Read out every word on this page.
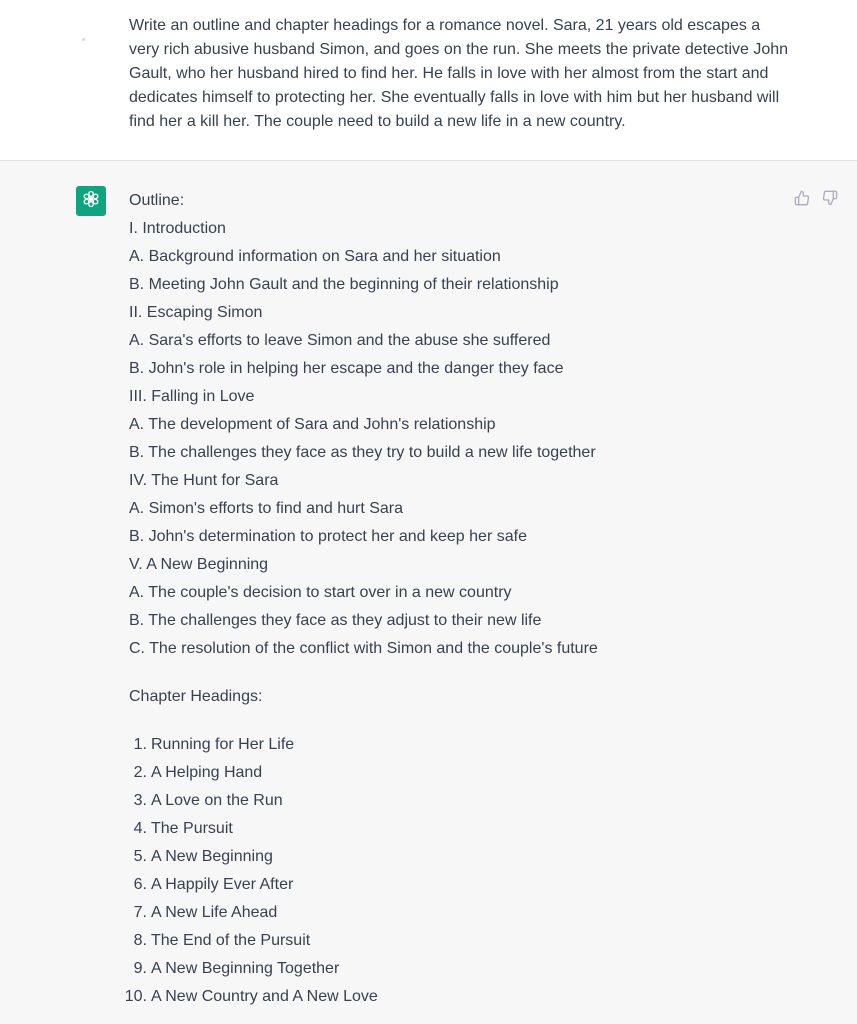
Write an outline and chapter headings for a romance novel. Sara, 21 years old escapes a very rich abusive husband Simon, and goes on the run. She meets the private detective John Gault, who her husband hired to find her. He falls in love with her almost from the start and dedicates himself to protecting her. She eventually falls in love with him but her husband will find her a kill her. The couple need to build a new life in a new country.

Outline:
I. Introduction
A. Background information on Sara and her situation
B. Meeting John Gault and the beginning of their relationship
II. Escaping Simon
A. Sara's efforts to leave Simon and the abuse she suffered
B. John's role in helping her escape and the danger they face
III. Falling in Love
A. The development of Sara and John's relationship
B. The challenges they face as they try to build a new life together
IV. The Hunt for Sara
A. Simon's efforts to find and hurt Sara
B. John's determination to protect her and keep her safe
V. A New Beginning
A. The couple's decision to start over in a new country
B. The challenges they face as they adjust to their new life
C. The resolution of the conflict with Simon and the couple's future
Chapter Headings:
1. Running for Her Life
2. A Helping Hand
3. A Love on the Run
4. The Pursuit
5. A New Beginning
6. A Happily Ever After
7. A New Life Ahead
8. The End of the Pursuit
9. A New Beginning Together
10. A New Country and A New Love
